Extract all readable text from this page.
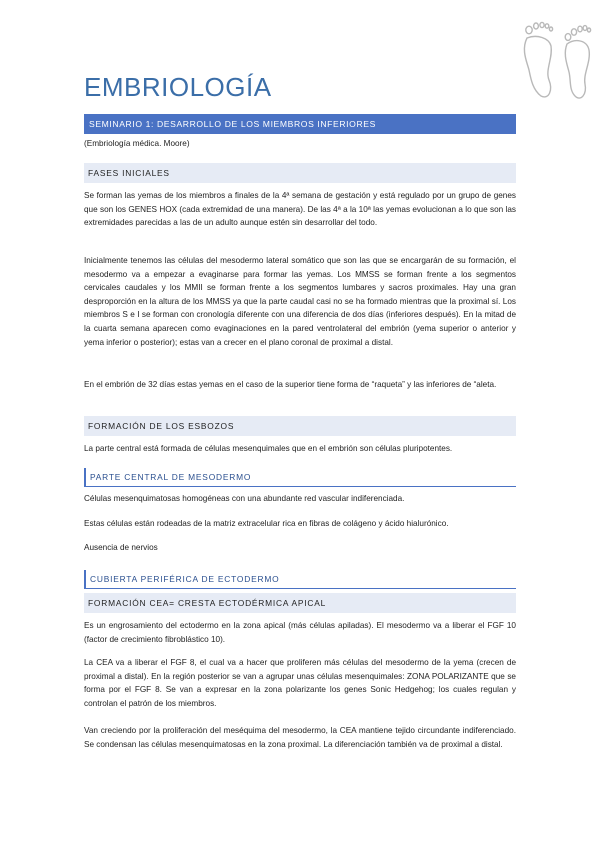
EMBRIOLOGÍA
SEMINARIO 1: DESARROLLO DE LOS MIEMBROS INFERIORES
(Embriología médica. Moore)
FASES INICIALES
Se forman las yemas de los miembros a finales de la 4ª semana de gestación y está regulado por un grupo de genes que son los GENES HOX (cada extremidad de una manera). De las 4ª a la 10ª las yemas evolucionan a lo que son las extremidades parecidas a las de un adulto aunque estén sin desarrollar del todo.
Inicialmente tenemos las células del mesodermo lateral somático que son las que se encargarán de su formación, el mesodermo va a empezar a evaginarse para formar las yemas. Los MMSS se forman frente a los segmentos cervicales caudales y los MMII se forman frente a los segmentos lumbares y sacros proximales. Hay una gran desproporción en la altura de los MMSS ya que la parte caudal casi no se ha formado mientras que la proximal sí. Los miembros S e I se forman con cronología diferente con una diferencia de dos días (inferiores después). En la mitad de la cuarta semana aparecen como evaginaciones en la pared ventrolateral del embrión (yema superior o anterior y yema inferior o posterior); estas van a crecer en el plano coronal de proximal a distal.
En el embrión de 32 días estas yemas en el caso de la superior tiene forma de “raqueta” y las inferiores de “aleta.
FORMACIÓN DE LOS ESBOZOS
La parte central está formada de células mesenquimales que en el embrión son células pluripotentes.
PARTE CENTRAL DE MESODERMO
Células mesenquimatosas homogéneas con una abundante red vascular indiferenciada.
Estas células están rodeadas de la matriz extracelular rica en fibras de colágeno y ácido hialurónico.
Ausencia de nervios
CUBIERTA PERIFÉRICA DE ECTODERMO
FORMACIÓN CEA= CRESTA ECTODÉRMICA APICAL
Es un engrosamiento del ectodermo en la zona apical (más células apiladas). El mesodermo va a liberar el FGF 10 (factor de crecimiento fibroblástico 10).
La CEA va a liberar el FGF 8, el cual va a hacer que proliferen más células del mesodermo de la yema (crecen de proximal a distal). En la región posterior se van a agrupar unas células mesenquimales: ZONA POLARIZANTE que se forma por el FGF 8. Se van a expresar en la zona polarizante los genes Sonic Hedgehog; los cuales regulan y controlan el patrón de los miembros.
Van creciendo por la proliferación del meséquima del mesodermo, la CEA mantiene tejido circundante indiferenciado. Se condensan las células mesenquimatosas en la zona proximal. La diferenciación también va de proximal a distal.
